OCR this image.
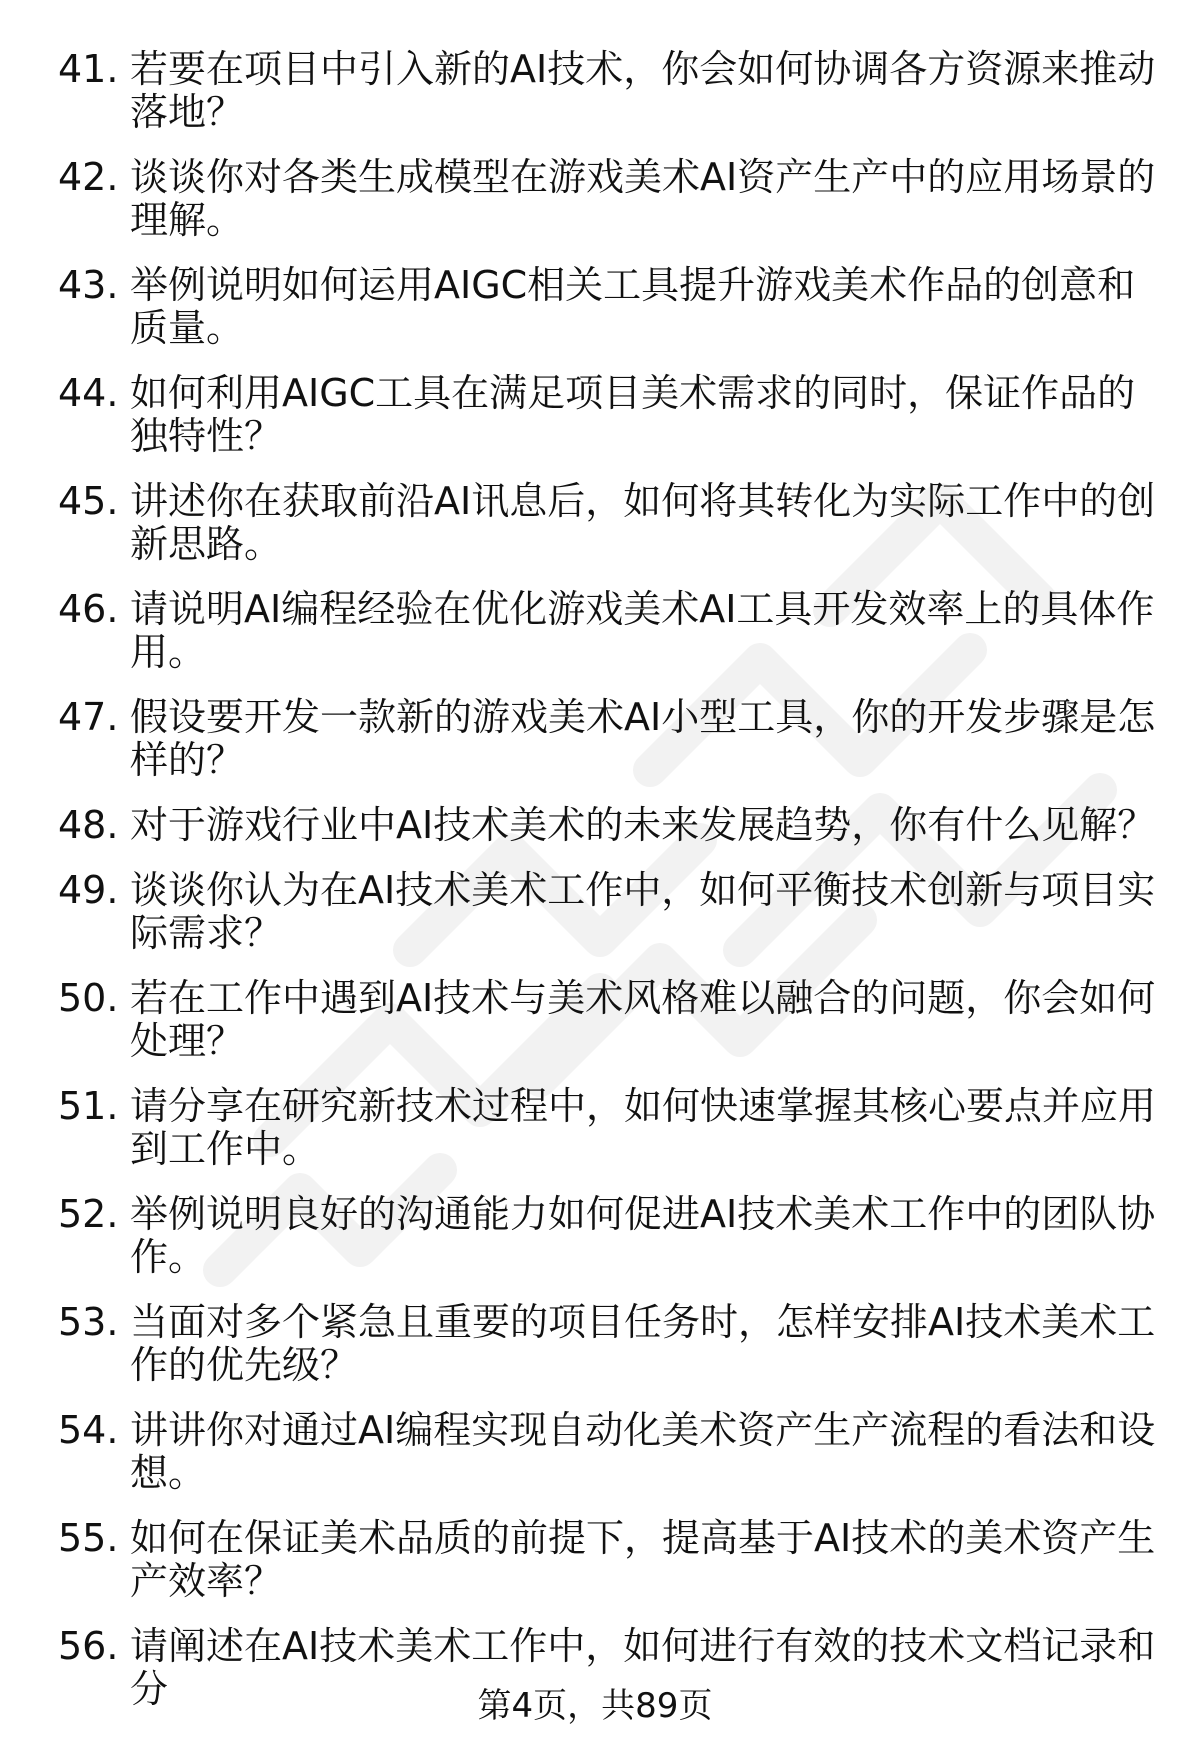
41. 若要在项目中引入新的AI技术，你会如何协调各方资源来推动落地？
42. 谈谈你对各类生成模型在游戏美术AI资产生产中的应用场景的理解。
43. 举例说明如何运用AIGC相关工具提升游戏美术作品的创意和质量。
44. 如何利用AIGC工具在满足项目美术需求的同时，保证作品的独特性？
45. 讲述你在获取前沿AI讯息后，如何将其转化为实际工作中的创新思路。
46. 请说明AI编程经验在优化游戏美术AI工具开发效率上的具体作用。
47. 假设要开发一款新的游戏美术AI小型工具，你的开发步骤是怎样的？
48. 对于游戏行业中AI技术美术的未来发展趋势，你有什么见解？
49. 谈谈你认为在AI技术美术工作中，如何平衡技术创新与项目实际需求？
50. 若在工作中遇到AI技术与美术风格难以融合的问题，你会如何处理？
51. 请分享在研究新技术过程中，如何快速掌握其核心要点并应用到工作中。
52. 举例说明良好的沟通能力如何促进AI技术美术工作中的团队协作。
53. 当面对多个紧急且重要的项目任务时，怎样安排AI技术美术工作的优先级？
54. 讲讲你对通过AI编程实现自动化美术资产生产流程的看法和设想。
55. 如何在保证美术品质的前提下，提高基于AI技术的美术资产生产效率？
56. 请阐述在AI技术美术工作中，如何进行有效的技术文档记录和分	第4页，共89页
